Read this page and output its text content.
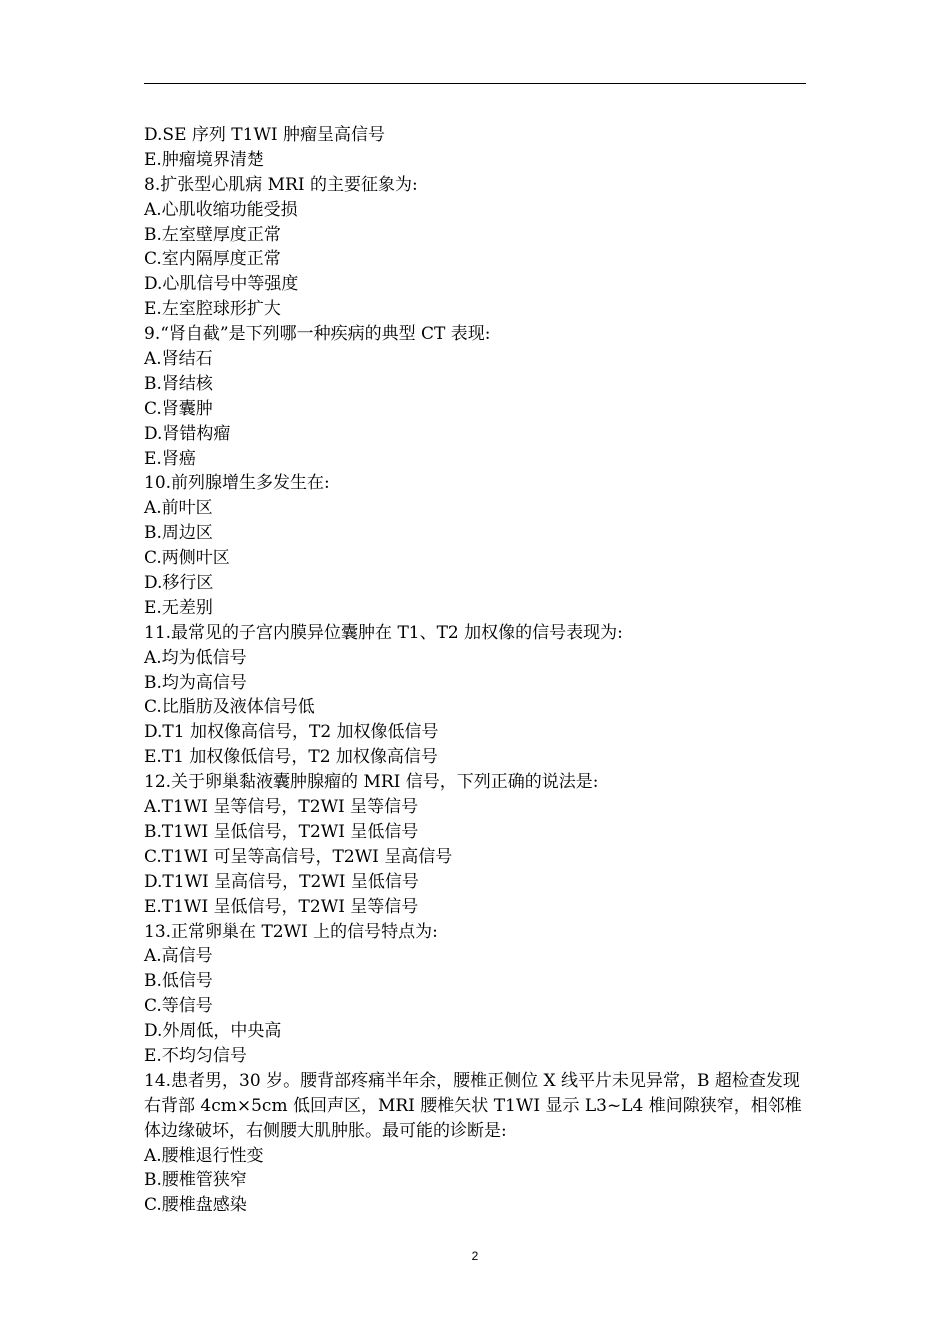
D.SE 序列 T1WI 肿瘤呈高信号
E.肿瘤境界清楚
8.扩张型心肌病 MRI 的主要征象为:
A.心肌收缩功能受损
B.左室壁厚度正常
C.室内隔厚度正常
D.心肌信号中等强度
E.左室腔球形扩大
9.“肾自截”是下列哪一种疾病的典型 CT 表现:
A.肾结石
B.肾结核
C.肾囊肿
D.肾错构瘤
E.肾癌
10.前列腺增生多发生在:
A.前叶区
B.周边区
C.两侧叶区
D.移行区
E.无差别
11.最常见的子宫内膜异位囊肿在 T1、T2 加权像的信号表现为:
A.均为低信号
B.均为高信号
C.比脂肪及液体信号低
D.T1 加权像高信号，T2 加权像低信号
E.T1 加权像低信号，T2 加权像高信号
12.关于卵巢黏液囊肿腺瘤的 MRI 信号，下列正确的说法是:
A.T1WI 呈等信号，T2WI 呈等信号
B.T1WI 呈低信号，T2WI 呈低信号
C.T1WI 可呈等高信号，T2WI 呈高信号
D.T1WI 呈高信号，T2WI 呈低信号
E.T1WI 呈低信号，T2WI 呈等信号
13.正常卵巢在 T2WI 上的信号特点为:
A.高信号
B.低信号
C.等信号
D.外周低，中央高
E.不均匀信号
14.患者男，30 岁。腰背部疼痛半年余，腰椎正侧位 X 线平片未见异常，B 超检查发现右背部 4cm×5cm 低回声区，MRI 腰椎矢状 T1WI 显示 L3~L4 椎间隙狭窄，相邻椎体边缘破坏，右侧腰大肌肿胀。最可能的诊断是:
A.腰椎退行性变
B.腰椎管狭窄
C.腰椎盘感染
2
